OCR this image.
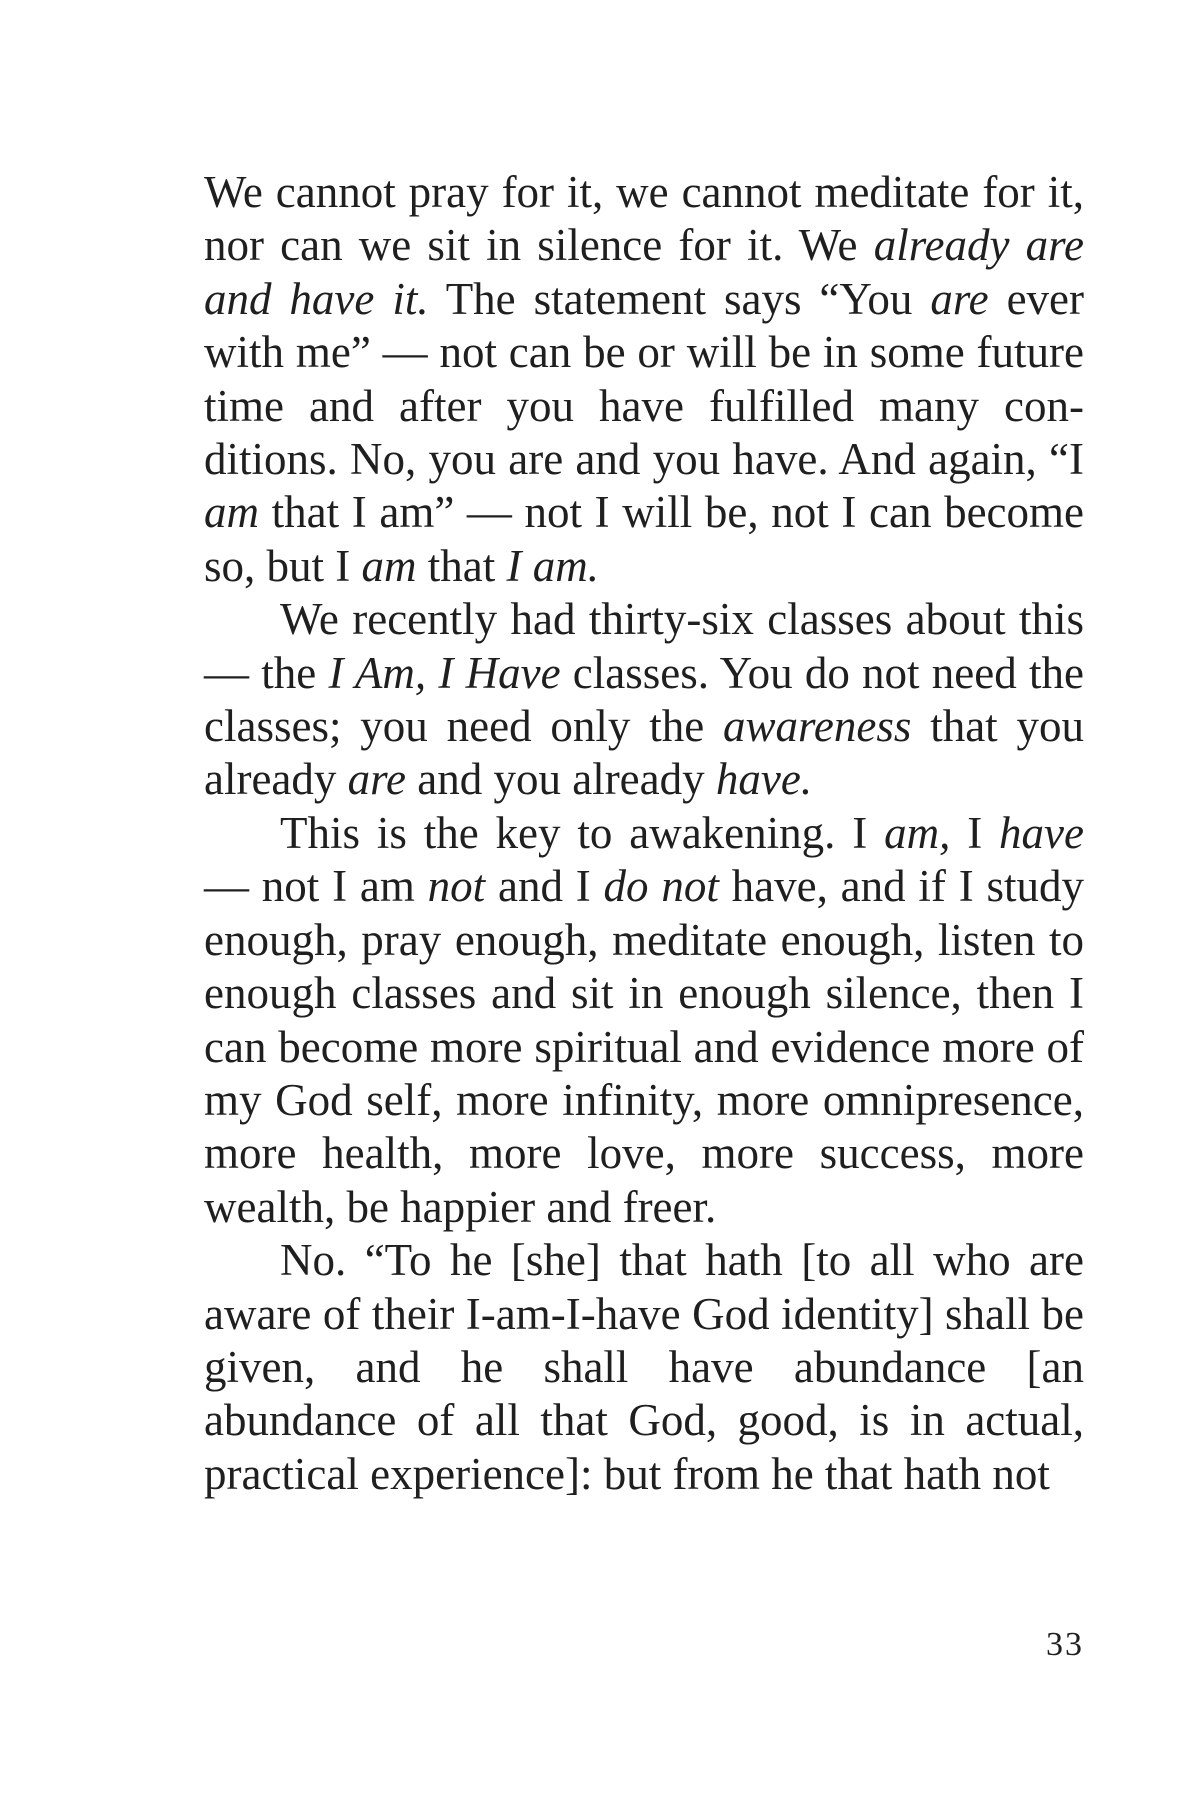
We cannot pray for it, we cannot meditate for it, nor can we sit in silence for it. We already are and have it. The statement says “You are ever with me” — not can be or will be in some future time and after you have fulfilled many conditions. No, you are and you have. And again, “I am that I am” — not I will be, not I can become so, but I am that I am.

We recently had thirty-six classes about this — the I Am, I Have classes. You do not need the classes; you need only the awareness that you already are and you already have.

This is the key to awakening. I am, I have — not I am not and I do not have, and if I study enough, pray enough, meditate enough, listen to enough classes and sit in enough silence, then I can become more spiritual and evidence more of my God self, more infinity, more omnipresence, more health, more love, more success, more wealth, be happier and freer.

No. “To he [she] that hath [to all who are aware of their I-am-I-have God identity] shall be given, and he shall have abundance [an abundance of all that God, good, is in actual, practical experience]: but from he that hath not

33
